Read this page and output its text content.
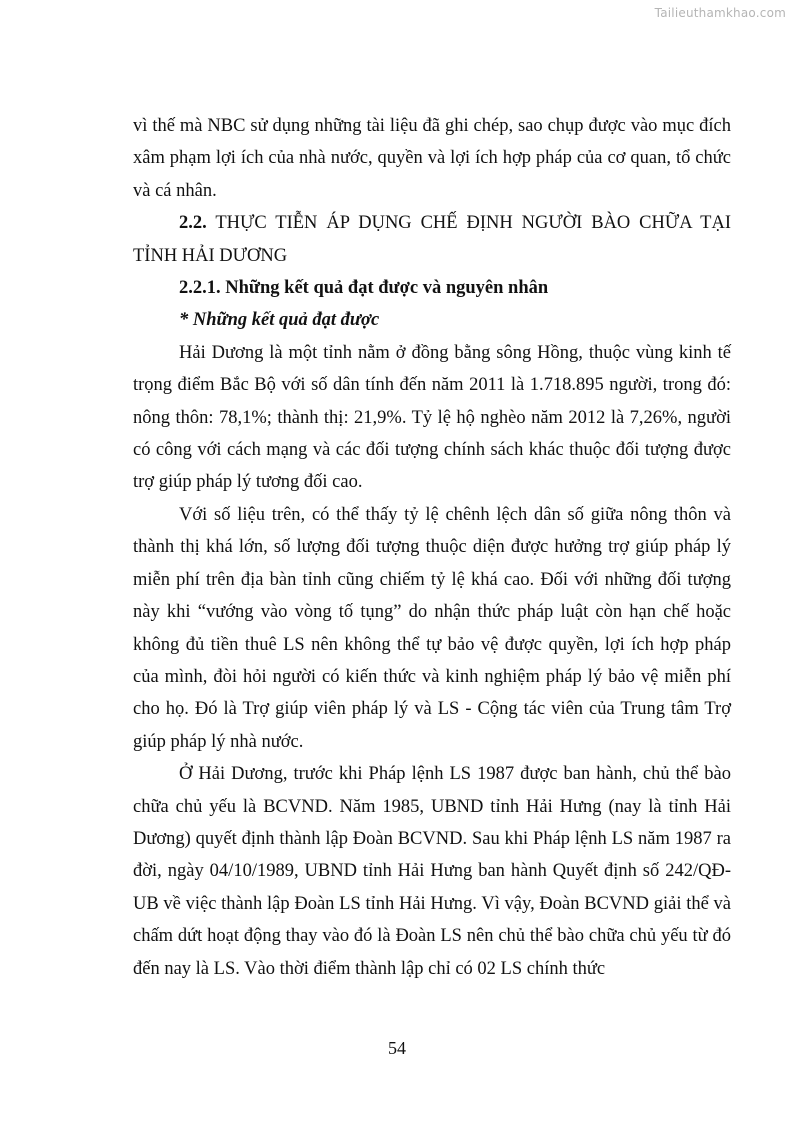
Tailieuthamkhao.com

vì thế mà NBC sử dụng những tài liệu đã ghi chép, sao chụp được vào mục đích xâm phạm lợi ích của nhà nước, quyền và lợi ích hợp pháp của cơ quan, tổ chức và cá nhân.

2.2. THỰC TIỄN ÁP DỤNG CHẾ ĐỊNH NGƯỜI BÀO CHỮA TẠI TỈNH HẢI DƯƠNG

2.2.1. Những kết quả đạt được và nguyên nhân

* Những kết quả đạt được

Hải Dương là một tỉnh nằm ở đồng bằng sông Hồng, thuộc vùng kinh tế trọng điểm Bắc Bộ với số dân tính đến năm 2011 là 1.718.895 người, trong đó: nông thôn: 78,1%; thành thị: 21,9%. Tỷ lệ hộ nghèo năm 2012 là 7,26%, người có công với cách mạng và các đối tượng chính sách khác thuộc đối tượng được trợ giúp pháp lý tương đối cao.

Với số liệu trên, có thể thấy tỷ lệ chênh lệch dân số giữa nông thôn và thành thị khá lớn, số lượng đối tượng thuộc diện được hưởng trợ giúp pháp lý miễn phí trên địa bàn tỉnh cũng chiếm tỷ lệ khá cao. Đối với những đối tượng này khi “vướng vào vòng tố tụng” do nhận thức pháp luật còn hạn chế hoặc không đủ tiền thuê LS nên không thể tự bảo vệ được quyền, lợi ích hợp pháp của mình, đòi hỏi người có kiến thức và kinh nghiệm pháp lý bảo vệ miễn phí cho họ. Đó là Trợ giúp viên pháp lý và LS - Cộng tác viên của Trung tâm Trợ giúp pháp lý nhà nước.

Ở Hải Dương, trước khi Pháp lệnh LS 1987 được ban hành, chủ thể bào chữa chủ yếu là BCVND. Năm 1985, UBND tỉnh Hải Hưng (nay là tỉnh Hải Dương) quyết định thành lập Đoàn BCVND. Sau khi Pháp lệnh LS năm 1987 ra đời, ngày 04/10/1989, UBND tỉnh Hải Hưng ban hành Quyết định số 242/QĐ-UB về việc thành lập Đoàn LS tỉnh Hải Hưng. Vì vậy, Đoàn BCVND giải thể và chấm dứt hoạt động thay vào đó là Đoàn LS nên chủ thể bào chữa chủ yếu từ đó đến nay là LS. Vào thời điểm thành lập chỉ có 02 LS chính thức

54
